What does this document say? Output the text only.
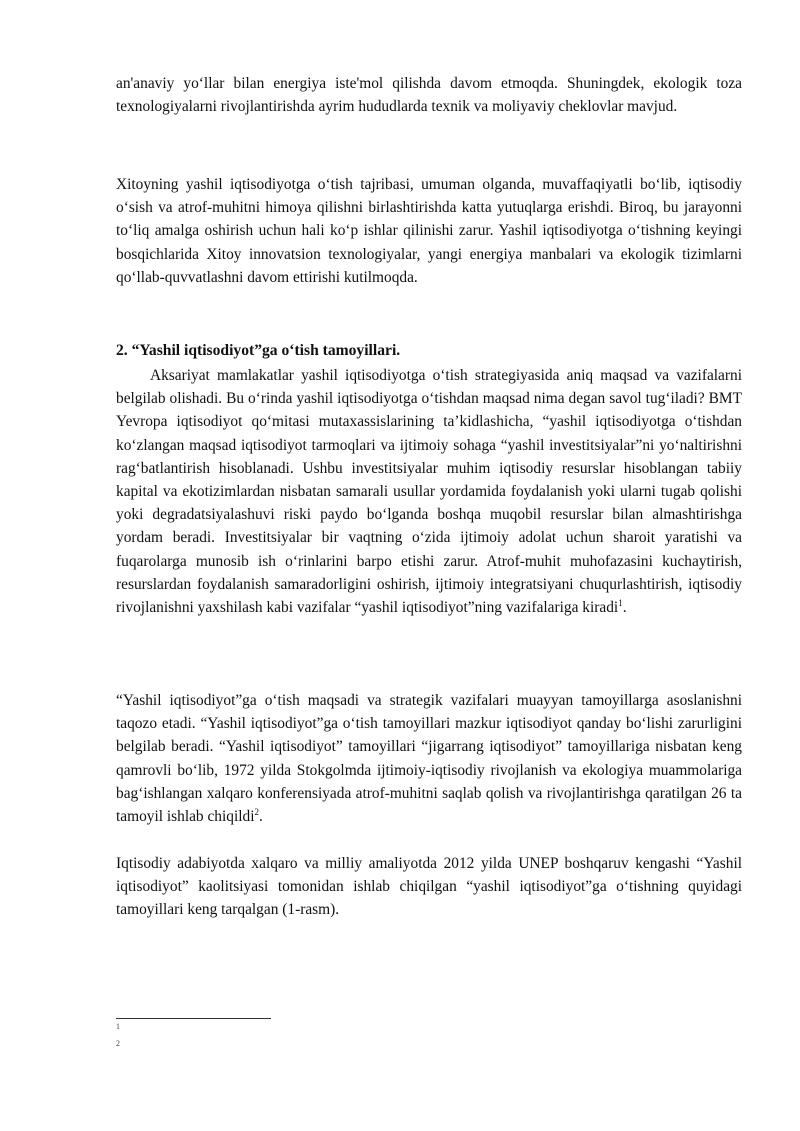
an'anaviy yo‘llar bilan energiya iste'mol qilishda davom etmoqda. Shuningdek, ekologik toza texnologiyalarni rivojlantirishda ayrim hududlarda texnik va moliyaviy cheklovlar mavjud.

Xitoyning yashil iqtisodiyotga o‘tish tajribasi, umuman olganda, muvaffaqiyatli bo‘lib, iqtisodiy o‘sish va atrof-muhitni himoya qilishni birlashtirishda katta yutuqlarga erishdi. Biroq, bu jarayonni to‘liq amalga oshirish uchun hali ko‘p ishlar qilinishi zarur. Yashil iqtisodiyotga o‘tishning keyingi bosqichlarida Xitoy innovatsion texnologiyalar, yangi energiya manbalari va ekologik tizimlarni qo‘llab-quvvatlashni davom ettirishi kutilmoqda.

2. “Yashil iqtisodiyot”ga o‘tish tamoyillari.

Aksariyat mamlakatlar yashil iqtisodiyotga o‘tish strategiyasida aniq maqsad va vazifalarni belgilab olishadi. Bu o‘rinda yashil iqtisodiyotga o‘tishdan maqsad nima degan savol tug‘iladi? BMT Yevropa iqtisodiyot qo‘mitasi mutaxassislarining ta’kidlashicha, “yashil iqtisodiyotga o‘tishdan ko‘zlangan maqsad iqtisodiyot tarmoqlari va ijtimoiy sohaga “yashil investitsiyalar”ni yo‘naltirishni rag‘batlantirish hisoblanadi. Ushbu investitsiyalar muhim iqtisodiy resurslar hisoblangan tabiiy kapital va ekotizimlardan nisbatan samarali usullar yordamida foydalanish yoki ularni tugab qolishi yoki degradatsiyalashuvi riski paydo bo‘lganda boshqa muqobil resurslar bilan almashtirishga yordam beradi. Investitsiyalar bir vaqtning o‘zida ijtimoiy adolat uchun sharoit yaratishi va fuqarolarga munosib ish o‘rinlarini barpo etishi zarur. Atrof-muhit muhofazasini kuchaytirish, resurslardan foydalanish samaradorligini oshirish, ijtimoiy integratsiyani chuqurlashtirish, iqtisodiy rivojlanishni yaxshilash kabi vazifalar “yashil iqtisodiyot”ning vazifalariga kiradi$^1$.

“Yashil iqtisodiyot”ga o‘tish maqsadi va strategik vazifalari muayyan tamoyillarga asoslanishni taqozo etadi. “Yashil iqtisodiyot”ga o‘tish tamoyillari mazkur iqtisodiyot qanday bo‘lishi zarurligini belgilab beradi. “Yashil iqtisodiyot” tamoyillari “jigarrang iqtisodiyot” tamoyillariga nisbatan keng qamrovli bo‘lib, 1972 yilda Stokgolmda ijtimoiy-iqtisodiy rivojlanish va ekologiya muammolariga bag‘ishlangan xalqaro konferensiyada atrof-muhitni saqlab qolish va rivojlantirishga qaratilgan 26 ta tamoyil ishlab chiqildi$^2$.

Iqtisodiy adabiyotda xalqaro va milliy amaliyotda 2012 yilda UNEP boshqaruv kengashi “Yashil iqtisodiyot” kaolitsiyasi tomonidan ishlab chiqilgan “yashil iqtisodiyot”ga o‘tishning quyidagi tamoyillari keng tarqalgan (1-rasm).

1
2
